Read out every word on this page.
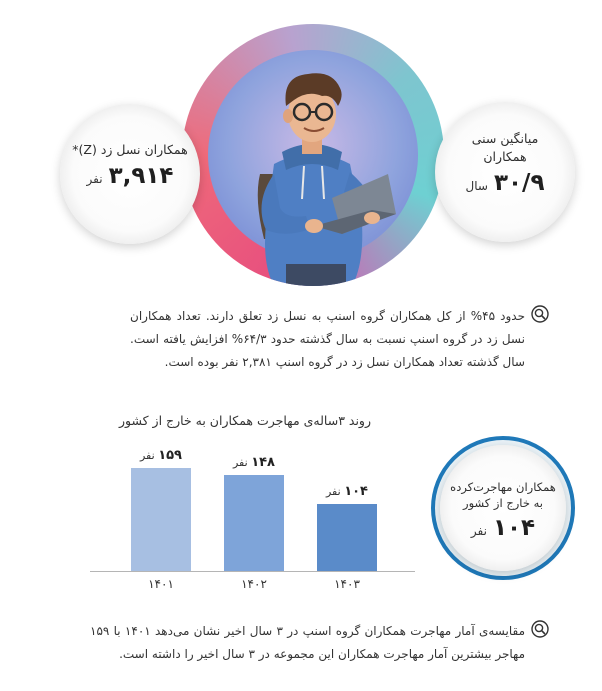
همکاران نسل زد (Z)*
۳,۹۱۴
نفر
میانگین سنی
همکاران
۳۰/۹
سال
حدود ۴۵% از کل همکاران گروه اسنپ به نسل زد تعلق دارند. تعداد همکاران نسل زد در گروه اسنپ نسبت به سال گذشته حدود ۶۴/۳% افزایش یافته است. سال گذشته تعداد همکاران نسل زد در گروه اسنپ ۲,۳۸۱ نفر بوده است.
روند ۳ساله‌ی مهاجرت همکاران به خارج از کشور
۱۵۹ نفر
۱۴۰۱
۱۴۸ نفر
۱۴۰۲
۱۰۴ نفر
۱۴۰۳
همکاران مهاجرت‌کرده
به خارج از کشور
۱۰۴
نفر
مقایسه‌ی آمار مهاجرت همکاران گروه اسنپ در ۳ سال اخیر نشان می‌دهد ۱۴۰۱ با ۱۵۹ مهاجر بیشترین آمار مهاجرت همکاران این مجموعه در ۳ سال اخیر را داشته است.
